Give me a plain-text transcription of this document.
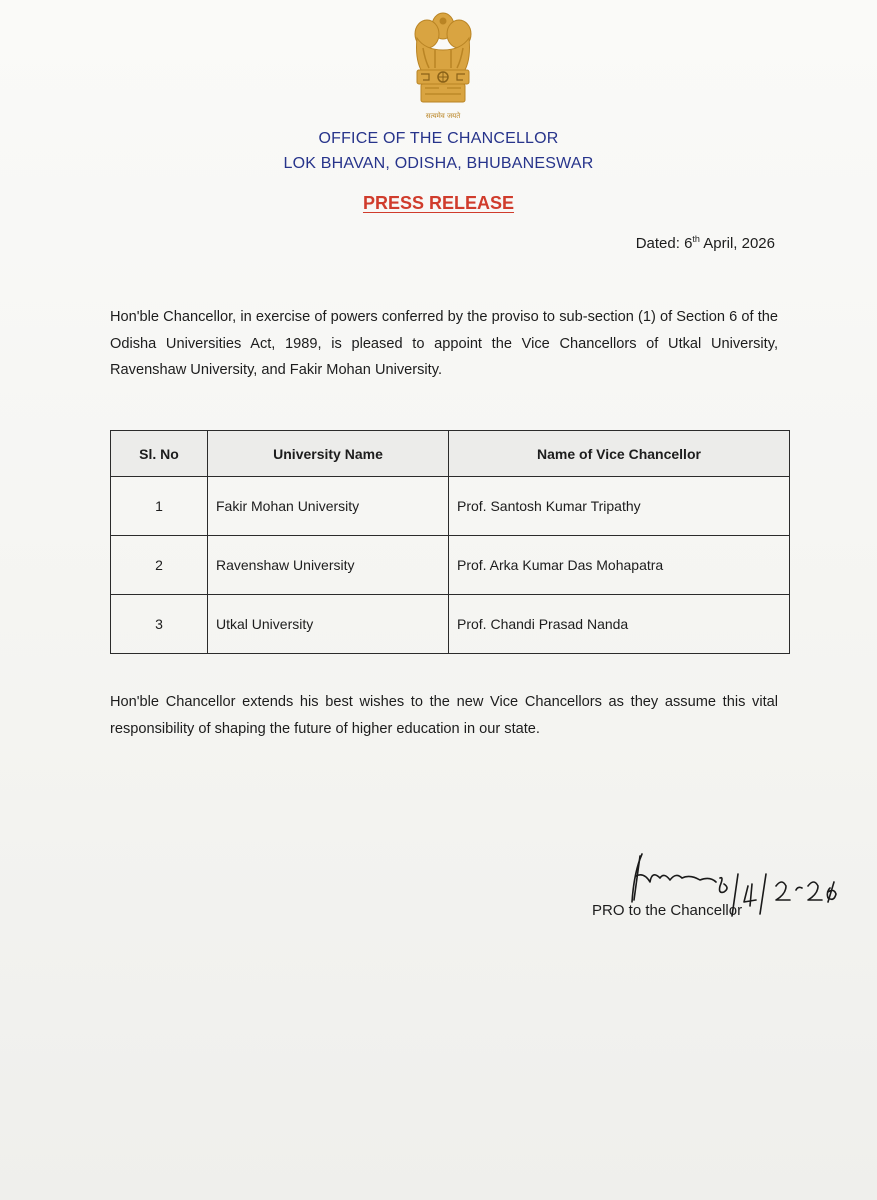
सत्यमेव जयते
OFFICE OF THE CHANCELLOR
LOK BHAVAN, ODISHA, BHUBANESWAR
PRESS RELEASE
Dated: 6th April, 2026
Hon'ble Chancellor, in exercise of powers conferred by the proviso to sub-section (1) of Section 6 of the Odisha Universities Act, 1989, is pleased to appoint the Vice Chancellors of Utkal University, Ravenshaw University, and Fakir Mohan University.
Sl. No	University Name	Name of Vice Chancellor
1	Fakir Mohan University	Prof. Santosh Kumar Tripathy
2	Ravenshaw University	Prof. Arka Kumar Das Mohapatra
3	Utkal University	Prof. Chandi Prasad Nanda
Hon'ble Chancellor extends his best wishes to the new Vice Chancellors as they assume this vital responsibility of shaping the future of higher education in our state.
6/4/2026
PRO to the Chancellor
